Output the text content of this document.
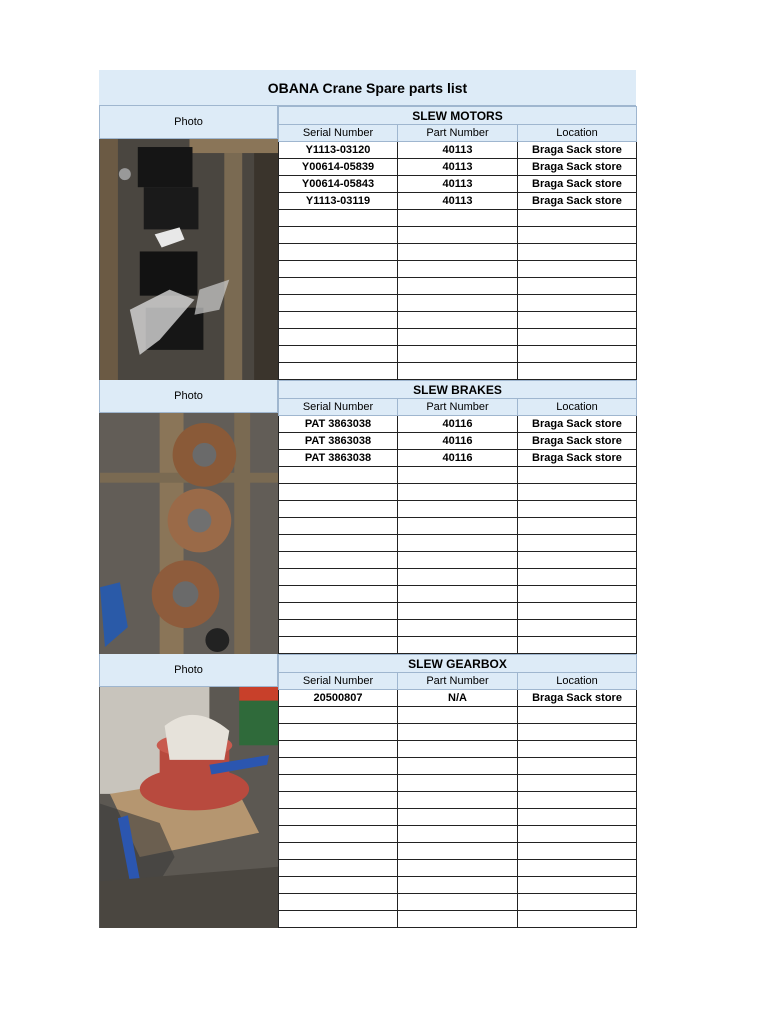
OBANA Crane Spare parts list
Photo	SLEW MOTORS		
Serial Number	Part Number	Location
Y1113-03120	40113	Braga Sack store
Y00614-05839	40113	Braga Sack store
Y00614-05843	40113	Braga Sack store
Y1113-03119	40113	Braga Sack store

Photo	SLEW BRAKES		
Serial Number	Part Number	Location
PAT 3863038	40116	Braga Sack store
PAT 3863038	40116	Braga Sack store
PAT 3863038	40116	Braga Sack store

Photo	SLEW GEARBOX		
Serial Number	Part Number	Location
20500807	N/A	Braga Sack store
